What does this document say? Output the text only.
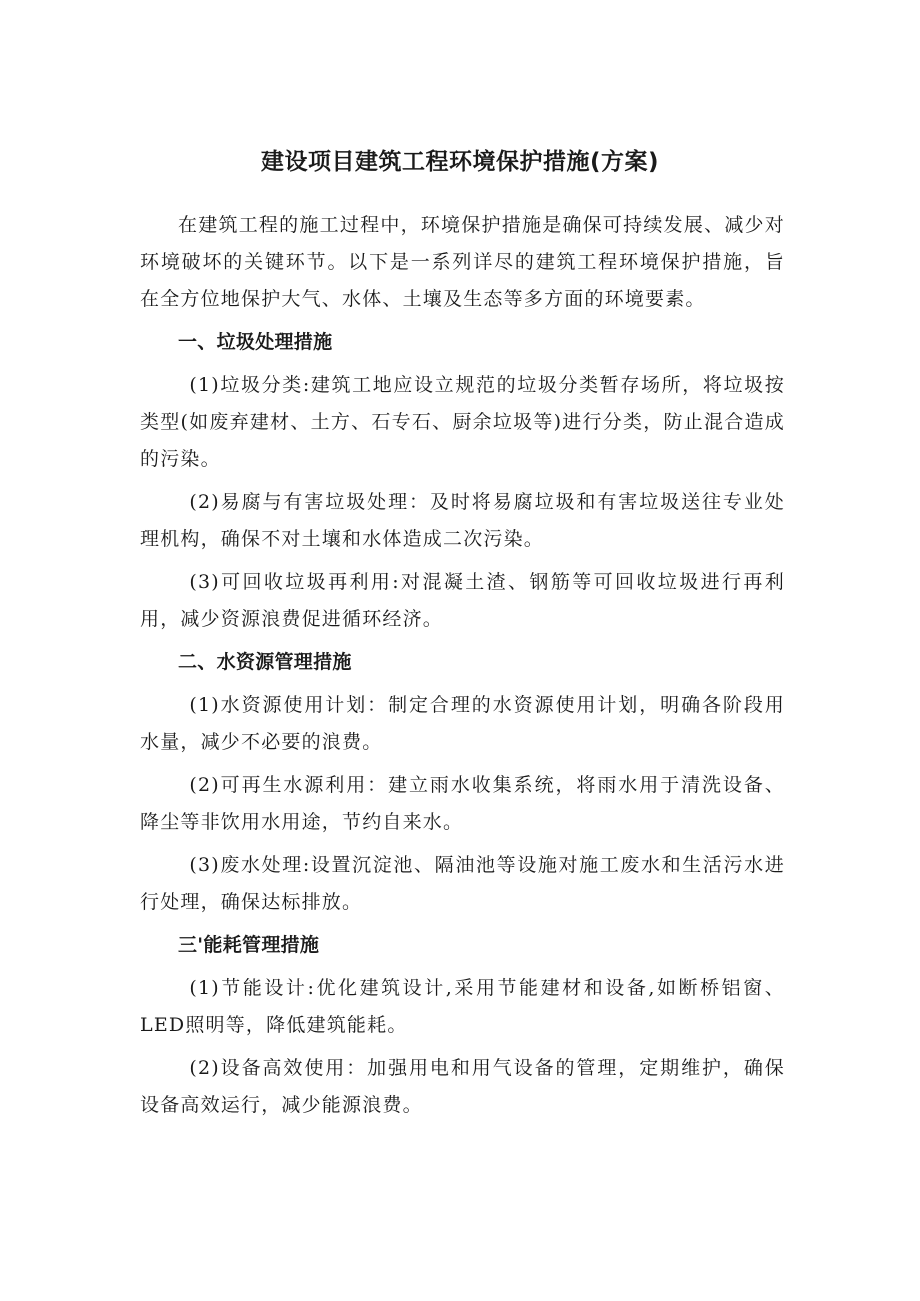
建设项目建筑工程环境保护措施(方案)

在建筑工程的施工过程中，环境保护措施是确保可持续发展、减少对环境破坏的关键环节。以下是一系列详尽的建筑工程环境保护措施，旨在全方位地保护大气、水体、土壤及生态等多方面的环境要素。

一、垃圾处理措施

(1)垃圾分类:建筑工地应设立规范的垃圾分类暂存场所，将垃圾按类型(如废弃建材、土方、石专石、厨余垃圾等)进行分类，防止混合造成的污染。

(2)易腐与有害垃圾处理：及时将易腐垃圾和有害垃圾送往专业处理机构，确保不对土壤和水体造成二次污染。

(3)可回收垃圾再利用:对混凝土渣、钢筋等可回收垃圾进行再利用，减少资源浪费促进循环经济。

二、水资源管理措施

(1)水资源使用计划：制定合理的水资源使用计划，明确各阶段用水量，减少不必要的浪费。

(2)可再生水源利用：建立雨水收集系统，将雨水用于清洗设备、降尘等非饮用水用途，节约自来水。

(3)废水处理:设置沉淀池、隔油池等设施对施工废水和生活污水进行处理，确保达标排放。

三'能耗管理措施

(1)节能设计:优化建筑设计,采用节能建材和设备,如断桥铝窗、LED照明等，降低建筑能耗。

(2)设备高效使用：加强用电和用气设备的管理，定期维护，确保设备高效运行，减少能源浪费。
